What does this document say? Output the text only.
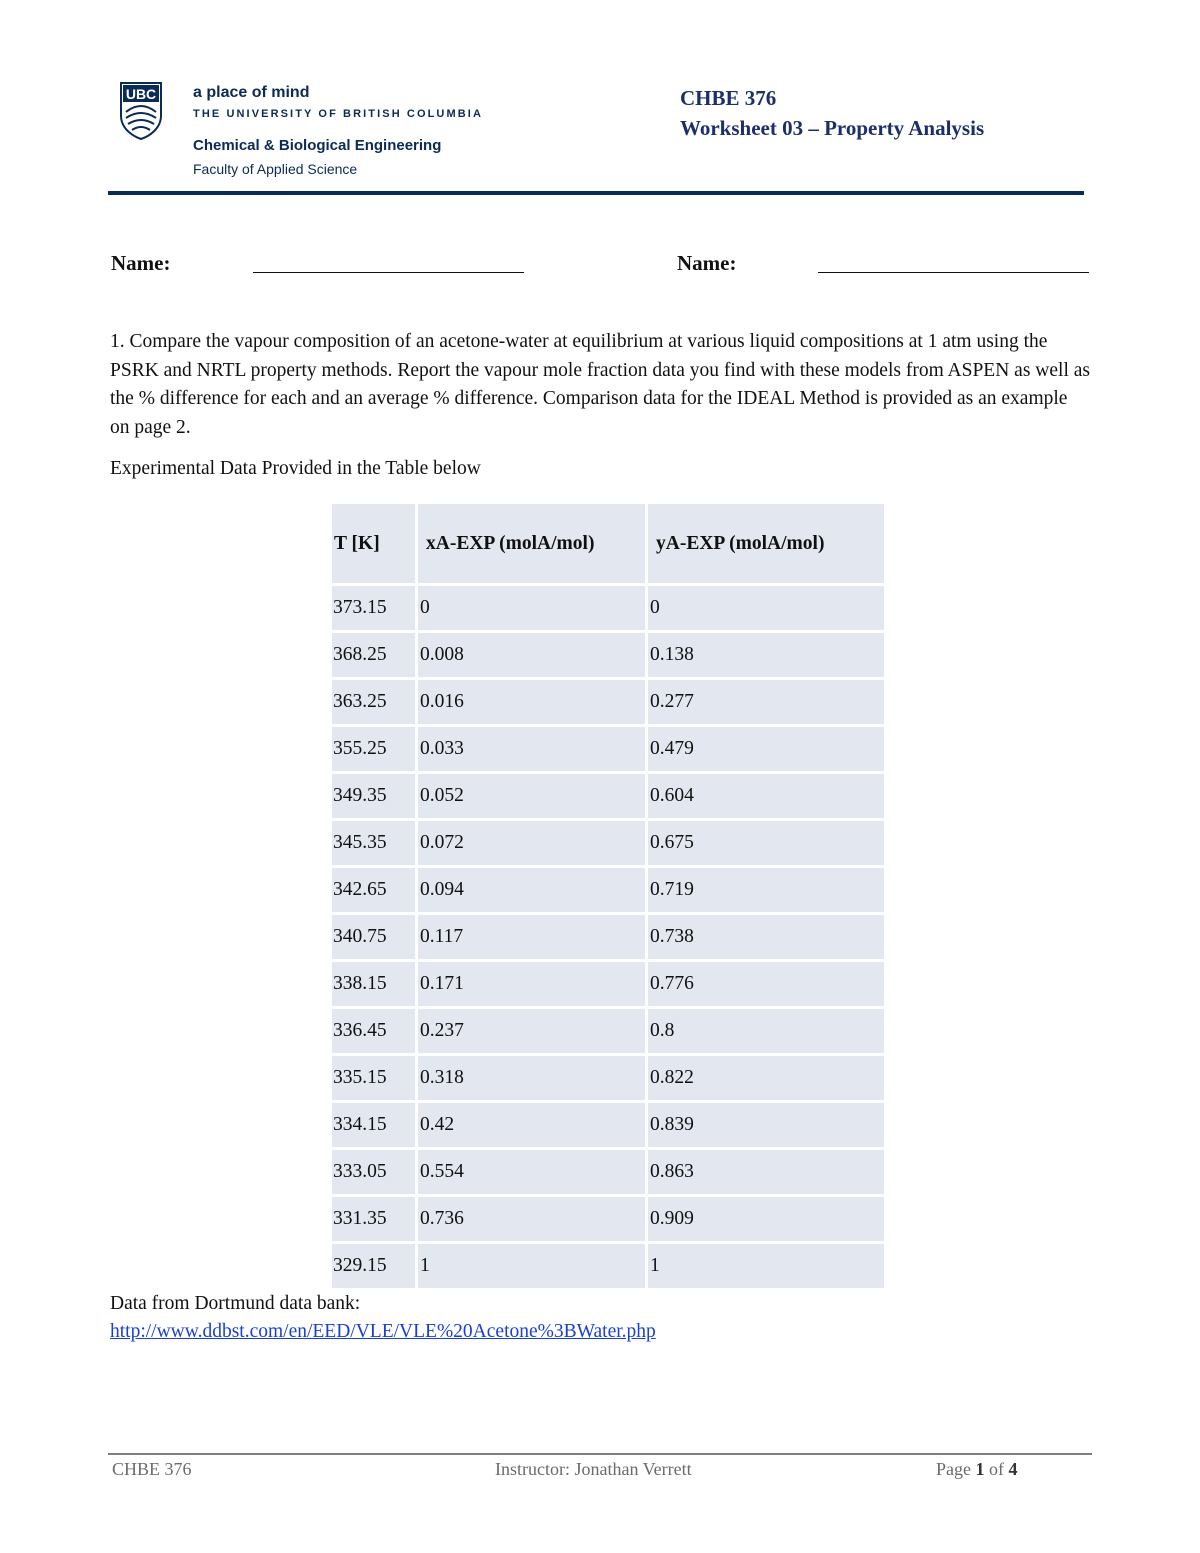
UBC a place of mind
THE UNIVERSITY OF BRITISH COLUMBIA
Chemical & Biological Engineering
Faculty of Applied Science
CHBE 376
Worksheet 03 – Property Analysis
Name:	Name:
1. Compare the vapour composition of an acetone-water at equilibrium at various liquid compositions at 1 atm using the PSRK and NRTL property methods. Report the vapour mole fraction data you find with these models from ASPEN as well as the % difference for each and an average % difference. Comparison data for the IDEAL Method is provided as an example on page 2.
Experimental Data Provided in the Table below
T [K]	xA-EXP (molA/mol)	yA-EXP (molA/mol)
373.15	0	0
368.25	0.008	0.138
363.25	0.016	0.277
355.25	0.033	0.479
349.35	0.052	0.604
345.35	0.072	0.675
342.65	0.094	0.719
340.75	0.117	0.738
338.15	0.171	0.776
336.45	0.237	0.8
335.15	0.318	0.822
334.15	0.42	0.839
333.05	0.554	0.863
331.35	0.736	0.909
329.15	1	1
Data from Dortmund data bank:
http://www.ddbst.com/en/EED/VLE/VLE%20Acetone%3BWater.php
CHBE 376	Instructor: Jonathan Verrett	Page 1 of 4
